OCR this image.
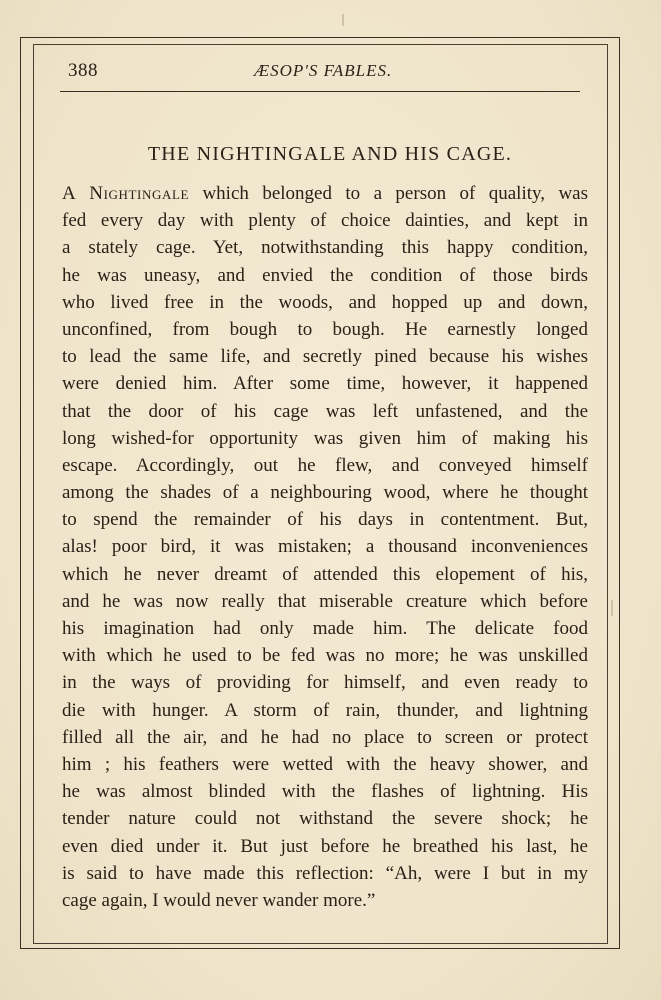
388	ÆSOP'S FABLES.
THE NIGHTINGALE AND HIS CAGE.
A Nightingale which belonged to a person of quality, was
fed every day with plenty of choice dainties, and kept in
a stately cage. Yet, notwithstanding this happy condition,
he was uneasy, and envied the condition of those birds
who lived free in the woods, and hopped up and down,
unconfined, from bough to bough. He earnestly longed
to lead the same life, and secretly pined because his wishes
were denied him. After some time, however, it happened
that the door of his cage was left unfastened, and the
long wished-for opportunity was given him of making his
escape. Accordingly, out he flew, and conveyed himself
among the shades of a neighbouring wood, where he thought
to spend the remainder of his days in contentment. But,
alas! poor bird, it was mistaken; a thousand inconveniences
which he never dreamt of attended this elopement of his,
and he was now really that miserable creature which before
his imagination had only made him. The delicate food
with which he used to be fed was no more; he was unskilled
in the ways of providing for himself, and even ready to
die with hunger. A storm of rain, thunder, and lightning
filled all the air, and he had no place to screen or protect
him ; his feathers were wetted with the heavy shower, and
he was almost blinded with the flashes of lightning. His
tender nature could not withstand the severe shock; he
even died under it. But just before he breathed his last, he
is said to have made this reflection: “Ah, were I but in my
cage again, I would never wander more.”
